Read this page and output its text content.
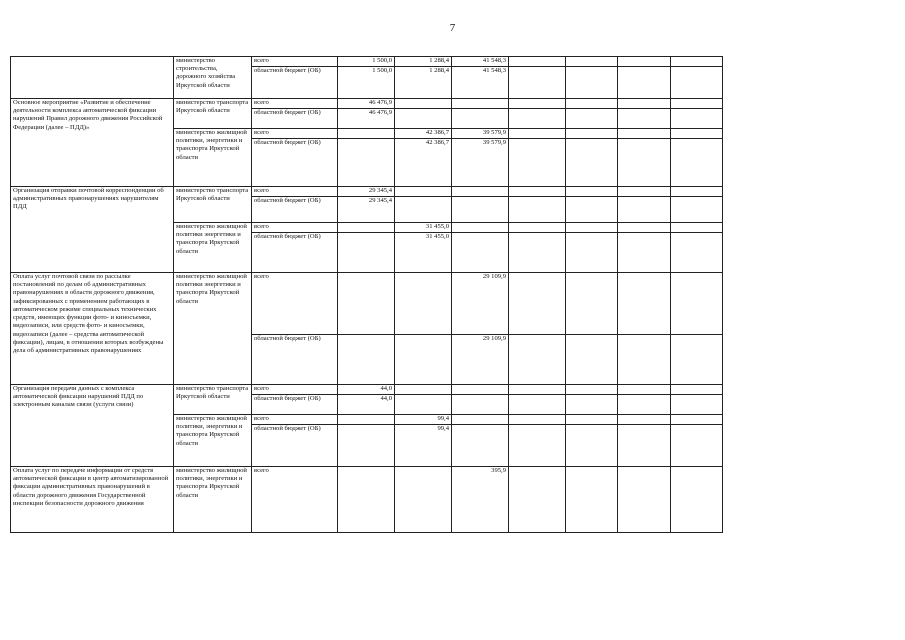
7
	министерство строительства, дорожного хозяйства Иркутской области	всего	1 500,0	1 288,4	41 548,3				
		областной бюджет (ОБ)	1 500,0	1 288,4	41 548,3				
Основное мероприятие «Развитие и обеспечение деятельности комплекса автоматической фиксации нарушений Правил дорожного движения Российской Федерации (далее – ПДД)»	министерство транспорта Иркутской области	всего	46 476,9						
		областной бюджет (ОБ)	46 476,9						
	министерство жилищной политики, энергетики и транспорта Иркутской области	всего		42 386,7	39 579,9				
		областной бюджет (ОБ)		42 386,7	39 579,9				
Организация отправки почтовой корреспонденции об административных правонарушениях нарушителям ПДД	министерство транспорта Иркутской области	всего	29 345,4						
		областной бюджет (ОБ)	29 345,4						
	министерство жилищной политики энергетики и транспорта Иркутской области	всего		31 455,0					
		областной бюджет (ОБ)		31 455,0					
Оплата услуг почтовой связи по рассылке постановлений по делам об административных правонарушениях в области дорожного движения, зафиксированных с применением работающих в автоматическом режиме специальных технических средств, имеющих функции фото- и киносъемки, видеозаписи, или средств фото- и киносъемки, видеозаписи (далее – средства автоматической фиксации), лицам, в отношении которых возбуждены дела об административных правонарушениях	министерство жилищной политики энергетики и транспорта Иркутской области	всего			29 109,9				
		областной бюджет (ОБ)			29 109,9				
Организация передачи данных с комплекса автоматической фиксации нарушений ПДД по электронным каналам связи (услуги связи)	министерство транспорта Иркутской области	всего	44,0						
		областной бюджет (ОБ)	44,0						
	министерство жилищной политики, энергетики и транспорта Иркутской области	всего		99,4					
		областной бюджет (ОБ)		99,4					
Оплата услуг по передаче информации от средств автоматической фиксации в центр автоматизированной фиксации административных правонарушений в области дорожного движения Государственной инспекции безопасности дорожного движения	министерство жилищной политики, энергетики и транспорта Иркутской области	всего			395,9				
